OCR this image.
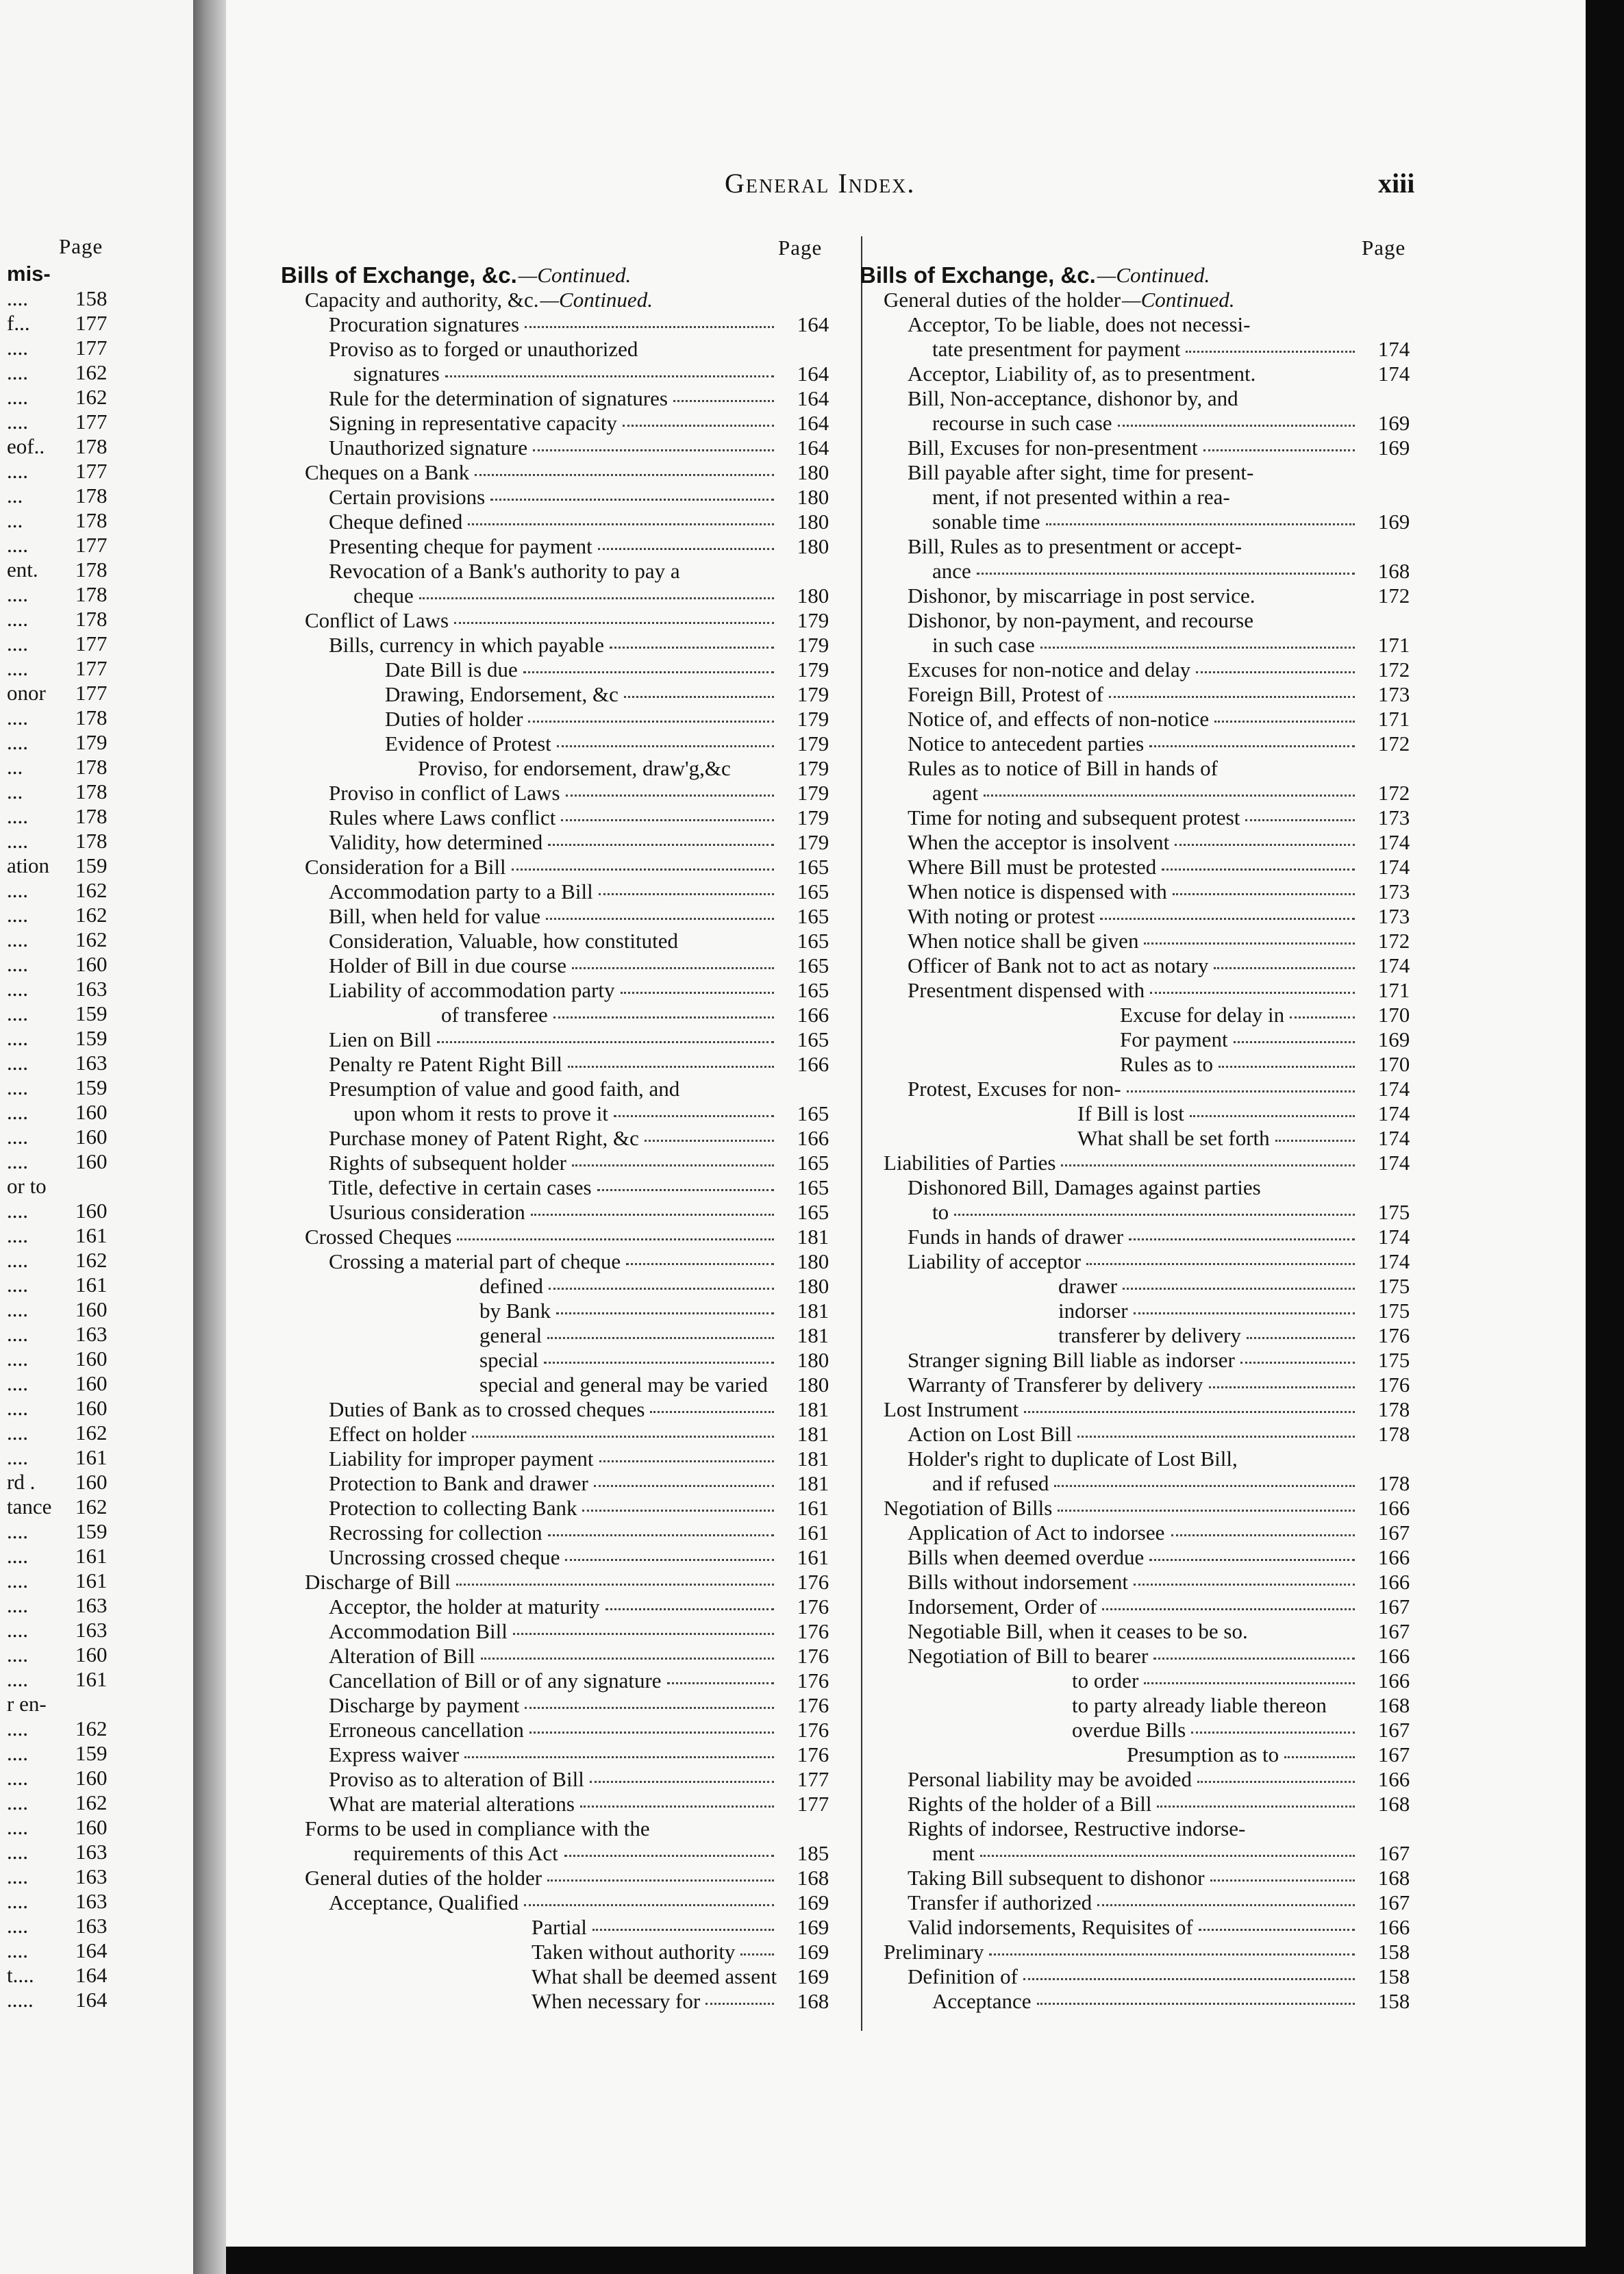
Page
mis-
.... 158
f... 177
.... 177
.... 162
.... 162
.... 177
eof.. 178
.... 177
... 178
... 178
.... 177
ent. 178
.... 178
.... 178
.... 177
.... 177
onor 177
.... 178
.... 179
... 178
... 178
.... 178
.... 178
ation 159
.... 162
.... 162
.... 162
.... 160
.... 163
.... 159
.... 159
.... 163
.... 159
.... 160
.... 160
.... 160
or to
.... 160
.... 161
.... 162
.... 161
.... 160
.... 163
.... 160
.... 160
.... 160
.... 162
.... 161
rd . 160
tance 162
.... 159
.... 161
.... 161
.... 163
.... 163
.... 160
.... 161
r en-
.... 162
.... 159
.... 160
.... 162
.... 160
.... 163
.... 163
.... 163
.... 163
.... 164
t.... 164
..... 164
General Index.	xiii
Page	Page
Bills of Exchange, &c. —Continued.
Capacity and authority, &c. —Continued.
Procuration signatures	164
Proviso as to forged or unauthorized
signatures	164
Rule for the determination of signatures	164
Signing in representative capacity	164
Unauthorized signature	164
Cheques on a Bank	180
Certain provisions	180
Cheque defined	180
Presenting cheque for payment	180
Revocation of a Bank's authority to pay a
cheque	180
Conflict of Laws	179
Bills, currency in which payable	179
Date Bill is due	179
Drawing, Endorsement, &c	179
Duties of holder	179
Evidence of Protest	179
Proviso, for endorsement, draw'g,&c	179
Proviso in conflict of Laws	179
Rules where Laws conflict	179
Validity, how determined	179
Consideration for a Bill	165
Accommodation party to a Bill	165
Bill, when held for value	165
Consideration, Valuable, how constituted	165
Holder of Bill in due course	165
Liability of accommodation party	165
of transferee	166
Lien on Bill	165
Penalty re Patent Right Bill	166
Presumption of value and good faith, and
upon whom it rests to prove it	165
Purchase money of Patent Right, &c	166
Rights of subsequent holder	165
Title, defective in certain cases	165
Usurious consideration	165
Crossed Cheques	181
Crossing a material part of cheque	180
defined	180
by Bank	181
general	181
special	180
special and general may be varied	180
Duties of Bank as to crossed cheques	181
Effect on holder	181
Liability for improper payment	181
Protection to Bank and drawer	181
Protection to collecting Bank	161
Recrossing for collection	161
Uncrossing crossed cheque	161
Discharge of Bill	176
Acceptor, the holder at maturity	176
Accommodation Bill	176
Alteration of Bill	176
Cancellation of Bill or of any signature	176
Discharge by payment	176
Erroneous cancellation	176
Express waiver	176
Proviso as to alteration of Bill	177
What are material alterations	177
Forms to be used in compliance with the
requirements of this Act	185
General duties of the holder	168
Acceptance, Qualified	169
Partial	169
Taken without authority	169
What shall be deemed assent 169
When necessary for	168
Bills of Exchange, &c. —Continued.
General duties of the holder —Continued.
Acceptor, To be liable, does not necessi-
tate presentment for payment	174
Acceptor, Liability of, as to presentment.	174
Bill, Non-acceptance, dishonor by, and
recourse in such case	169
Bill, Excuses for non-presentment	169
Bill payable after sight, time for present-
ment, if not presented within a rea-
sonable time	169
Bill, Rules as to presentment or accept-
ance	168
Dishonor, by miscarriage in post service.	172
Dishonor, by non-payment, and recourse
in such case	171
Excuses for non-notice and delay	172
Foreign Bill, Protest of	173
Notice of, and effects of non-notice	171
Notice to antecedent parties	172
Rules as to notice of Bill in hands of
agent	172
Time for noting and subsequent protest	173
When the acceptor is insolvent	174
Where Bill must be protested	174
When notice is dispensed with	173
With noting or protest	173
When notice shall be given	172
Officer of Bank not to act as notary	174
Presentment dispensed with	171
Excuse for delay in	170
For payment	169
Rules as to	170
Protest, Excuses for non-	174
If Bill is lost	174
What shall be set forth	174
Liabilities of Parties	174
Dishonored Bill, Damages against parties
to	175
Funds in hands of drawer	174
Liability of acceptor	174
drawer	175
indorser	175
transferer by delivery	176
Stranger signing Bill liable as indorser	175
Warranty of Transferer by delivery	176
Lost Instrument	178
Action on Lost Bill	178
Holder's right to duplicate of Lost Bill,
and if refused	178
Negotiation of Bills	166
Application of Act to indorsee	167
Bills when deemed overdue	166
Bills without indorsement	166
Indorsement, Order of	167
Negotiable Bill, when it ceases to be so.	167
Negotiation of Bill to bearer	166
to order	166
to party already liable thereon	168
overdue Bills	167
Presumption as to	167
Personal liability may be avoided	166
Rights of the holder of a Bill	168
Rights of indorsee, Restructive indorse-
ment	167
Taking Bill subsequent to dishonor	168
Transfer if authorized	167
Valid indorsements, Requisites of	166
Preliminary	158
Definition of	158
Acceptance	158
